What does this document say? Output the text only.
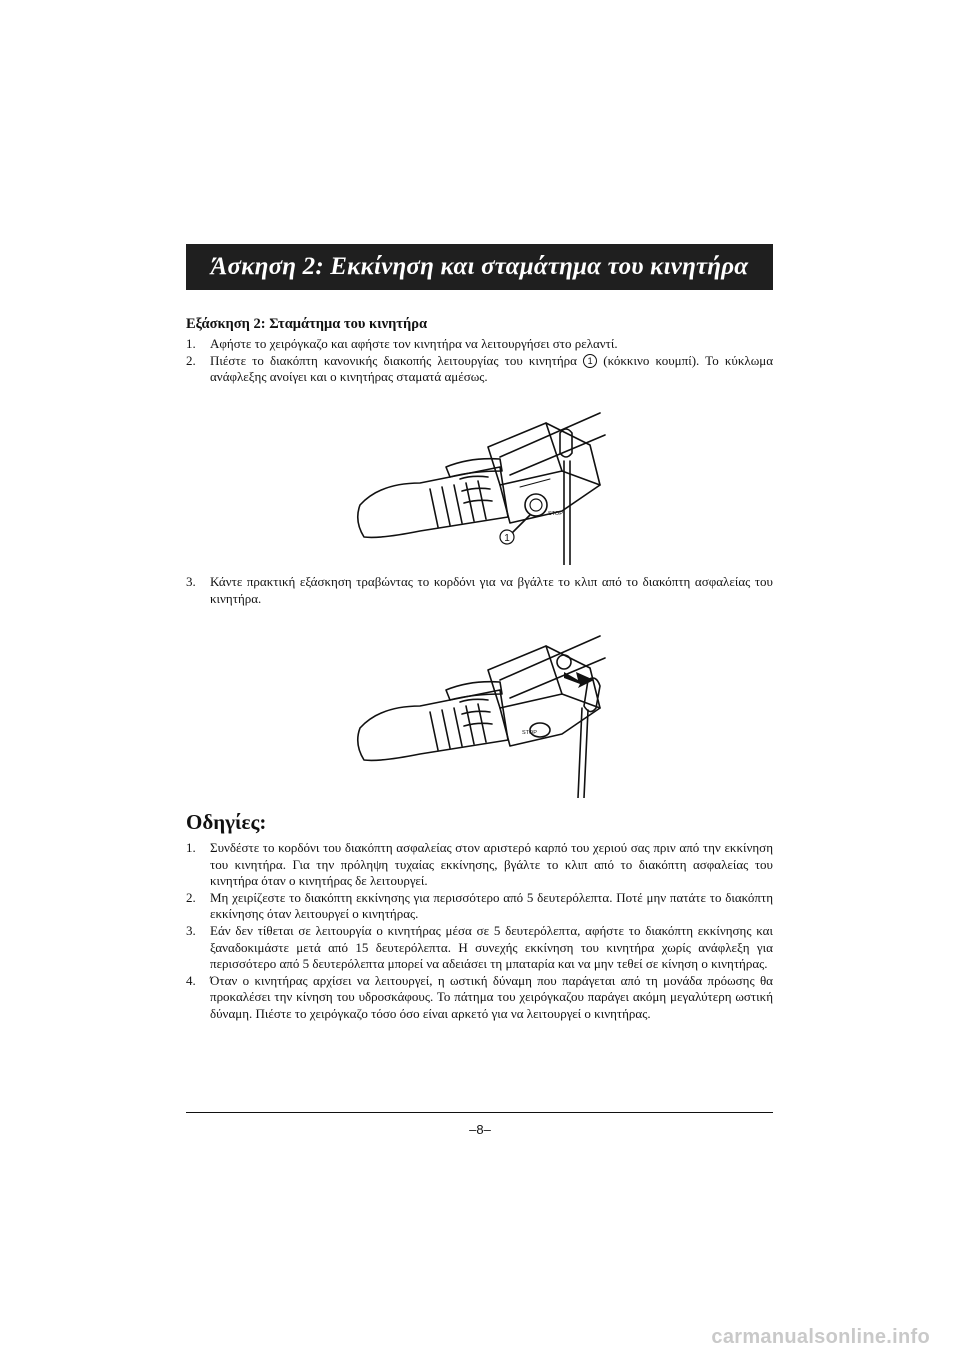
Άσκηση 2: Εκκίνηση και σταμάτημα του κινητήρα

Εξάσκηση 2: Σταμάτημα του κινητήρα

1.	Αφήστε το χειρόγκαζο και αφήστε τον κινητήρα να λειτουργήσει στο ρελαντί.
2.	Πιέστε το διακόπτη κανονικής διακοπής λειτουργίας του κινητήρα 1 (κόκκινο κουμπί). Το κύκλωμα ανάφλεξης ανοίγει και ο κινητήρας σταματά αμέσως.
STOP
1
3.	Κάντε πρακτική εξάσκηση τραβώντας το κορδόνι για να βγάλτε το κλιπ από το διακόπτη ασφαλείας του κινητήρα.
STOP

Οδηγίες:

1.	Συνδέστε το κορδόνι του διακόπτη ασφαλείας στον αριστερό καρπό του χεριού σας πριν από την εκκίνηση του κινητήρα. Για την πρόληψη τυχαίας εκκίνησης, βγάλτε το κλιπ από το διακόπτη ασφαλείας του κινητήρα όταν ο κινητήρας δε λειτουργεί.
2.	Μη χειρίζεστε το διακόπτη εκκίνησης για περισσότερο από 5 δευτερόλεπτα. Ποτέ μην πατάτε το διακόπτη εκκίνησης όταν λειτουργεί ο κινητήρας.
3.	Εάν δεν τίθεται σε λειτουργία ο κινητήρας μέσα σε 5 δευτερόλεπτα, αφήστε το διακόπτη εκκίνησης και ξαναδοκιμάστε μετά από 15 δευτερόλεπτα. Η συνεχής εκκίνηση του κινητήρα χωρίς ανάφλεξη για περισσότερο από 5 δευτερόλεπτα μπορεί να αδειάσει τη μπαταρία και να μην τεθεί σε κίνηση ο κινητήρας.
4.	Όταν ο κινητήρας αρχίσει να λειτουργεί, η ωστική δύναμη που παράγεται από τη μονάδα πρόωσης θα προκαλέσει την κίνηση του υδροσκάφους. Το πάτημα του χειρόγκαζου παράγει ακόμη μεγαλύτερη ωστική δύναμη. Πιέστε το χειρόγκαζο τόσο όσο είναι αρκετό για να λειτουργεί ο κινητήρας.
–8–
carmanualsonline.info
